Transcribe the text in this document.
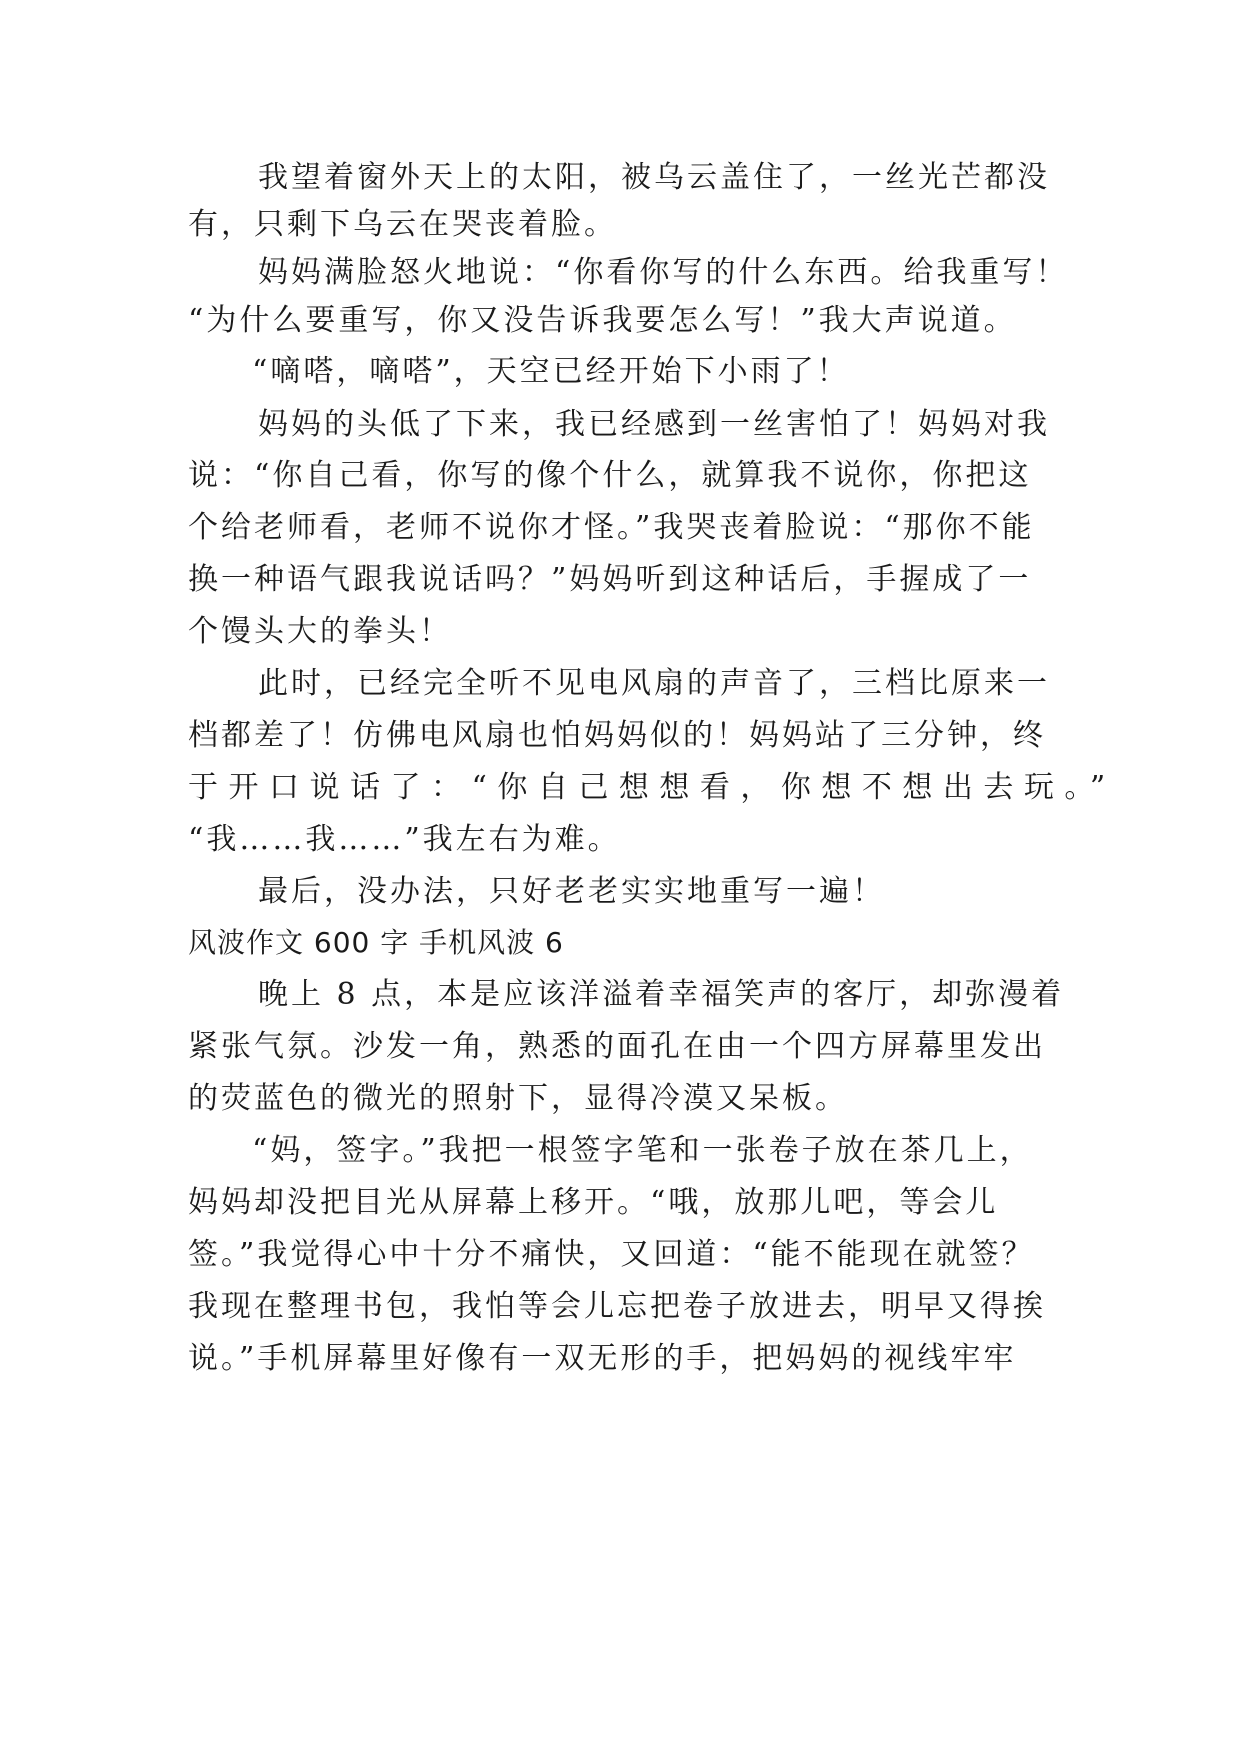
我望着窗外天上的太阳，被乌云盖住了，一丝光芒都没
有，只剩下乌云在哭丧着脸。
妈妈满脸怒火地说：“你看你写的什么东西。给我重写！
“为什么要重写，你又没告诉我要怎么写！”我大声说道。
“嘀嗒，嘀嗒”，天空已经开始下小雨了！
妈妈的头低了下来，我已经感到一丝害怕了！妈妈对我
说：“你自己看，你写的像个什么，就算我不说你，你把这
个给老师看，老师不说你才怪。”我哭丧着脸说：“那你不能
换一种语气跟我说话吗？”妈妈听到这种话后，手握成了一
个馒头大的拳头！
此时，已经完全听不见电风扇的声音了，三档比原来一
档都差了！仿佛电风扇也怕妈妈似的！妈妈站了三分钟，终
于开口说话了：“你自己想想看，你想不想出去玩。”
“我……我……”我左右为难。
最后，没办法，只好老老实实地重写一遍！
风波作文 600 字 手机风波 6
晚上 8 点，本是应该洋溢着幸福笑声的客厅，却弥漫着
紧张气氛。沙发一角，熟悉的面孔在由一个四方屏幕里发出
的荧蓝色的微光的照射下，显得冷漠又呆板。
“妈，签字。”我把一根签字笔和一张卷子放在茶几上，
妈妈却没把目光从屏幕上移开。“哦，放那儿吧，等会儿
签。”我觉得心中十分不痛快，又回道：“能不能现在就签？
我现在整理书包，我怕等会儿忘把卷子放进去，明早又得挨
说。”手机屏幕里好像有一双无形的手，把妈妈的视线牢牢
